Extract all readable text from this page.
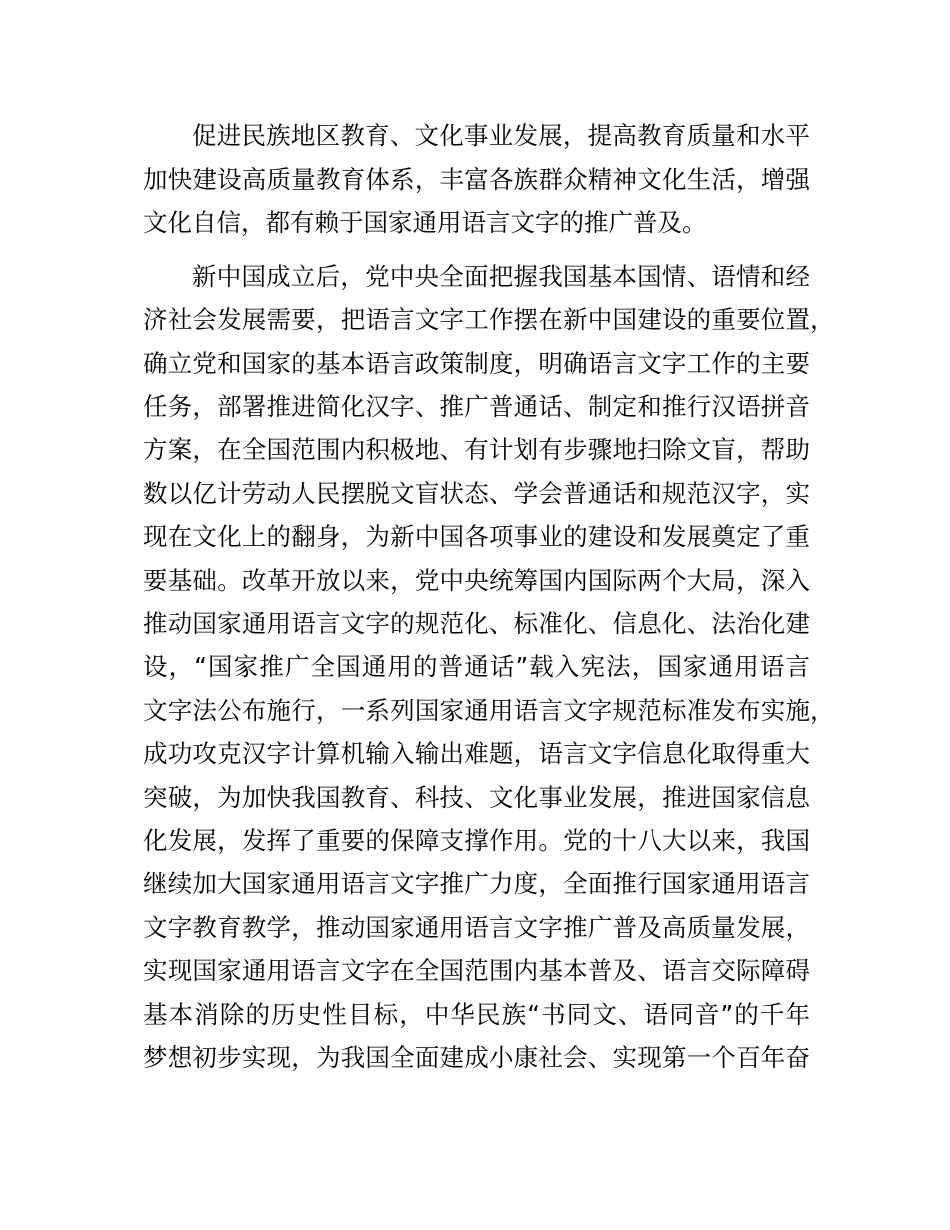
促进民族地区教育、文化事业发展，提高教育质量和水平
加快建设高质量教育体系，丰富各族群众精神文化生活，增强
文化自信，都有赖于国家通用语言文字的推广普及。
新中国成立后，党中央全面把握我国基本国情、语情和经
济社会发展需要，把语言文字工作摆在新中国建设的重要位置 ，
确立党和国家的基本语言政策制度，明确语言文字工作的主要
任务，部署推进简化汉字、推广普通话、制定和推行汉语拼音
方案，在全国范围内积极地、有计划有步骤地扫除文盲，帮助
数以亿计劳动人民摆脱文盲状态、学会普通话和规范汉字，实
现在文化上的翻身，为新中国各项事业的建设和发展奠定了重
要基础。改革开放以来，党中央统筹国内国际两个大局，深入
推动国家通用语言文字的规范化、标准化、信息化、法治化建
设，“国家推广全国通用的普通话”载入宪法，国家通用语言
文字法公布施行，一系列国家通用语言文字规范标准发布实施 ，
成功攻克汉字计算机输入输出难题，语言文字信息化取得重大
突破，为加快我国教育、科技、文化事业发展，推进国家信息
化发展，发挥了重要的保障支撑作用。党的十八大以来，我国
继续加大国家通用语言文字推广力度，全面推行国家通用语言
文字教育教学，推动国家通用语言文字推广普及高质量发展，
实现国家通用语言文字在全国范围内基本普及、语言交际障碍
基本消除的历史性目标，中华民族“书同文、语同音”的千年
梦想初步实现，为我国全面建成小康社会、实现第一个百年奋
